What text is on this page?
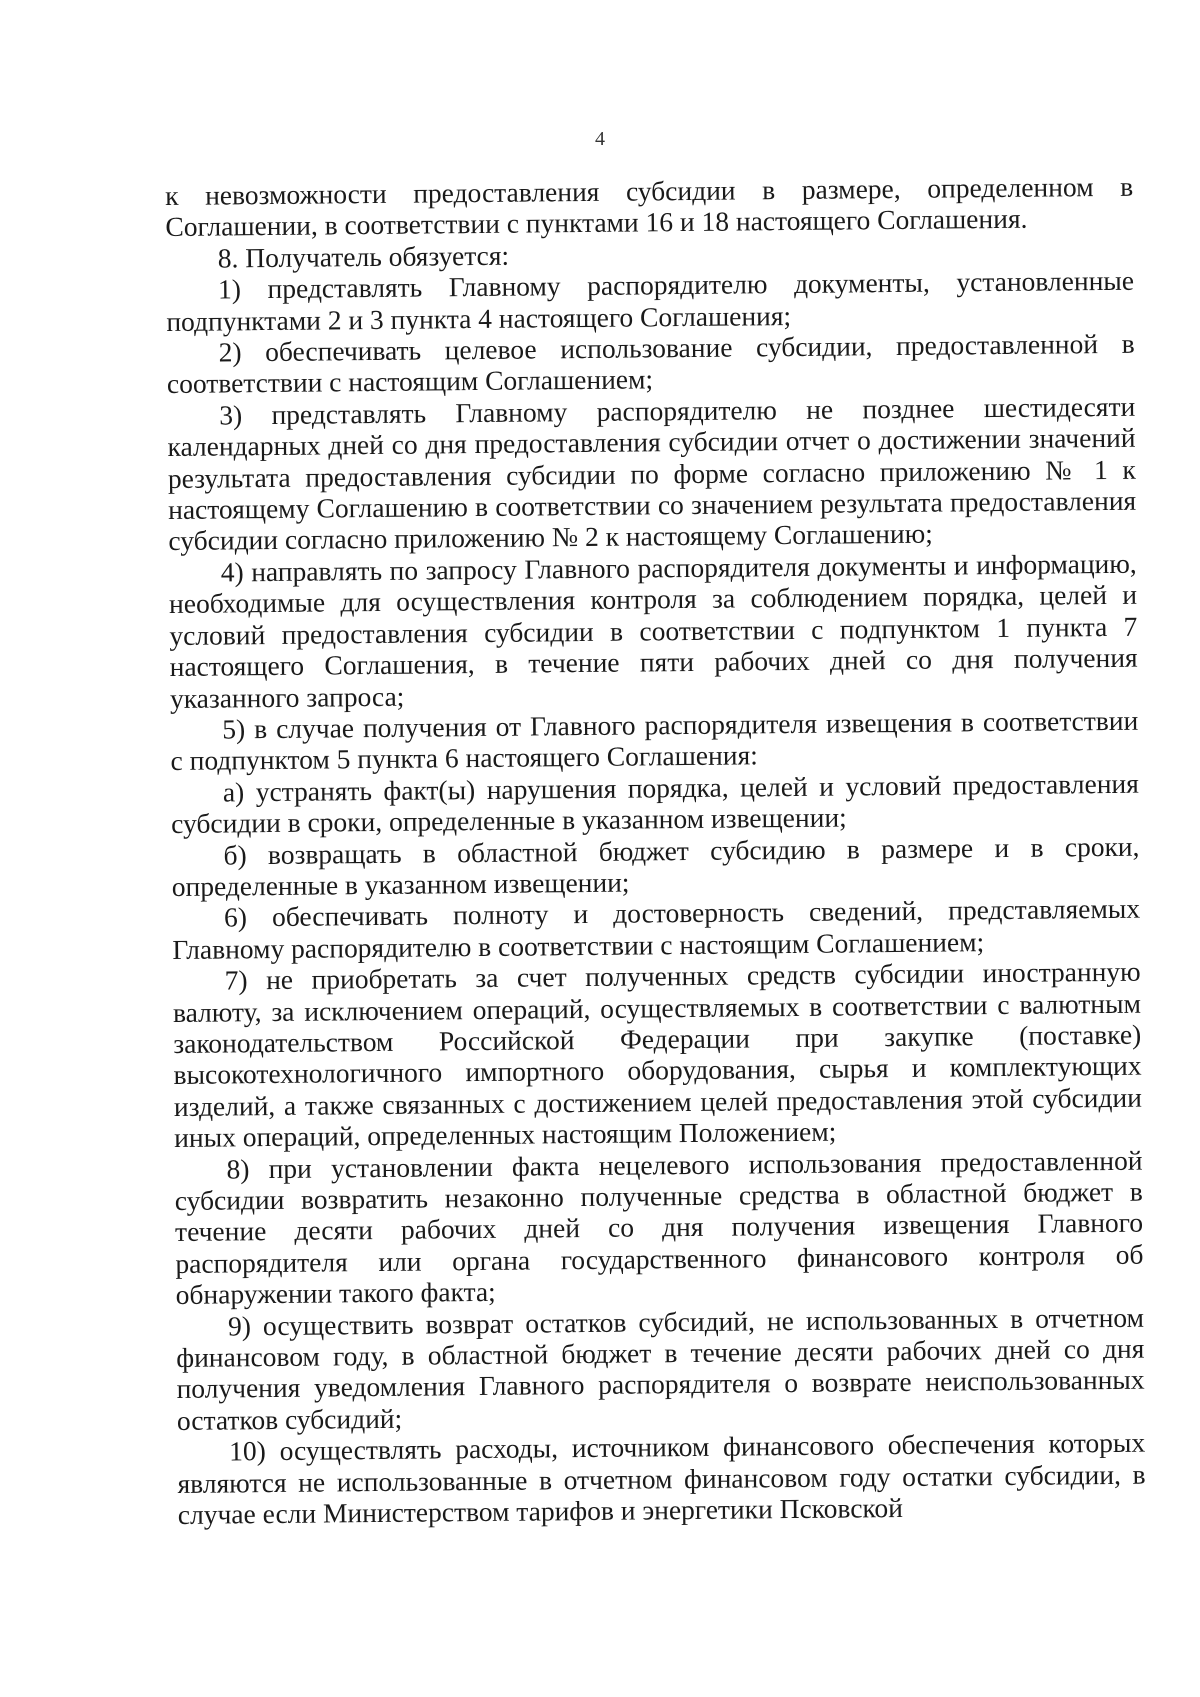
4

к невозможности предоставления субсидии в размере, определенном в Соглашении, в соответствии с пунктами 16 и 18 настоящего Соглашения.

8. Получатель обязуется:

1) представлять Главному распорядителю документы, установленные подпунктами 2 и 3 пункта 4 настоящего Соглашения;

2) обеспечивать целевое использование субсидии, предоставленной в соответствии с настоящим Соглашением;

3) представлять Главному распорядителю не позднее шестидесяти календарных дней со дня предоставления субсидии отчет о достижении значений результата предоставления субсидии по форме согласно приложению № 1 к настоящему Соглашению в соответствии со значением результата предоставления субсидии согласно приложению № 2 к настоящему Соглашению;

4) направлять по запросу Главного распорядителя документы и информацию, необходимые для осуществления контроля за соблюдением порядка, целей и условий предоставления субсидии в соответствии с подпунктом 1 пункта 7 настоящего Соглашения, в течение пяти рабочих дней со дня получения указанного запроса;

5) в случае получения от Главного распорядителя извещения в соответствии с подпунктом 5 пункта 6 настоящего Соглашения:

а) устранять факт(ы) нарушения порядка, целей и условий предоставления субсидии в сроки, определенные в указанном извещении;

б) возвращать в областной бюджет субсидию в размере и в сроки, определенные в указанном извещении;

6) обеспечивать полноту и достоверность сведений, представляемых Главному распорядителю в соответствии с настоящим Соглашением;

7) не приобретать за счет полученных средств субсидии иностранную валюту, за исключением операций, осуществляемых в соответствии с валютным законодательством Российской Федерации при закупке (поставке) высокотехнологичного импортного оборудования, сырья и комплектующих изделий, а также связанных с достижением целей предоставления этой субсидии иных операций, определенных настоящим Положением;

8) при установлении факта нецелевого использования предоставленной субсидии возвратить незаконно полученные средства в областной бюджет в течение десяти рабочих дней со дня получения извещения Главного распорядителя или органа государственного финансового контроля об обнаружении такого факта;

9) осуществить возврат остатков субсидий, не использованных в отчетном финансовом году, в областной бюджет в течение десяти рабочих дней со дня получения уведомления Главного распорядителя о возврате неиспользованных остатков субсидий;

10) осуществлять расходы, источником финансового обеспечения которых являются не использованные в отчетном финансовом году остатки субсидии, в случае если Министерством тарифов и энергетики Псковской
